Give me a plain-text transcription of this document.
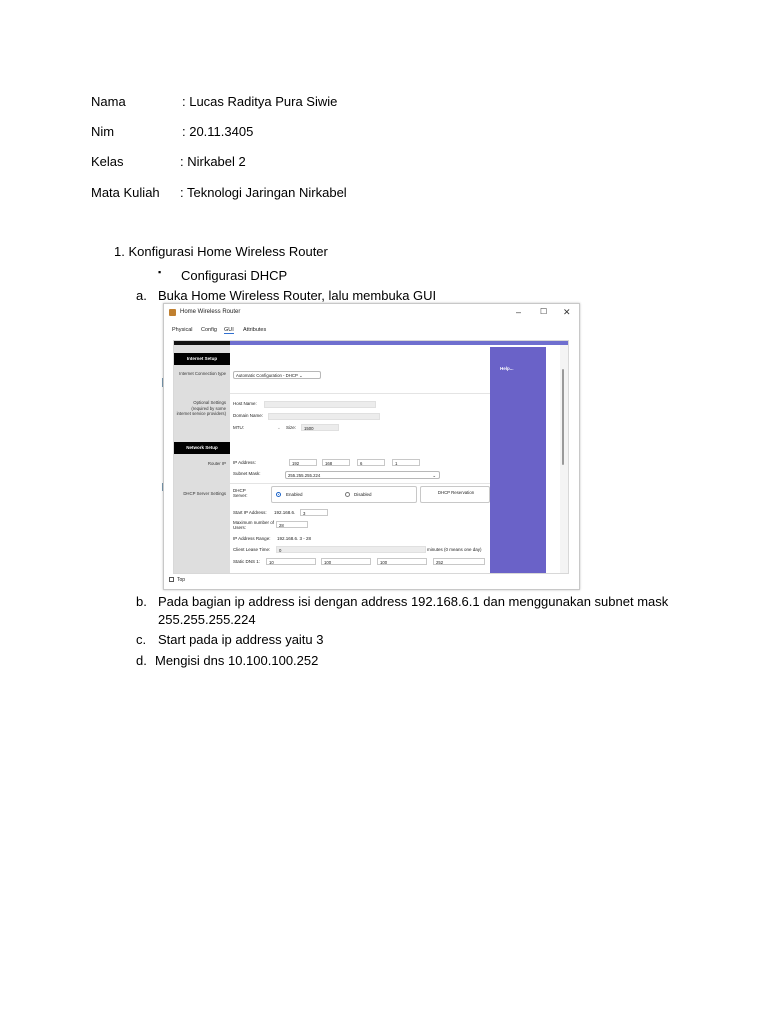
Nama	: Lucas Raditya Pura Siwie
Nim	: 20.11.3405
Kelas	: Nirkabel 2
Mata Kuliah : Teknologi Jaringan Nirkabel
1. Konfigurasi Home Wireless Router
▪ Configurasi DHCP
a. Buka Home Wireless Router, lalu membuka GUI
Home Wireless Router	– ☐ ✕
Physical Config GUI Attributes
Internet Setup
Internet Connection type	Automatic Configuration - DHCP ⌄
Optional Settings (required by some internet service providers)
Host Name:
Domain Name:
MTU:	⌄ Size:	1500
Network Setup
Router IP IP Address:	192	168	6	1
Subnet Mask:	255.255.255.224	⌄
DHCP Server Settings
DHCP Server:	Enabled	Disabled	DHCP Reservation
Start IP Address: 192.168.6.	3
Maximum number of Users:	28
IP Address Range: 192.168.6. 3 - 28
Client Lease Time:	0	minutes (0 means one day)
Static DNS 1:	10	100	100	252
Help...
Top
b. Pada bagian ip address isi dengan address 192.168.6.1 dan menggunakan subnet mask
255.255.255.224
c. Start pada ip address yaitu 3
d. Mengisi dns 10.100.100.252
